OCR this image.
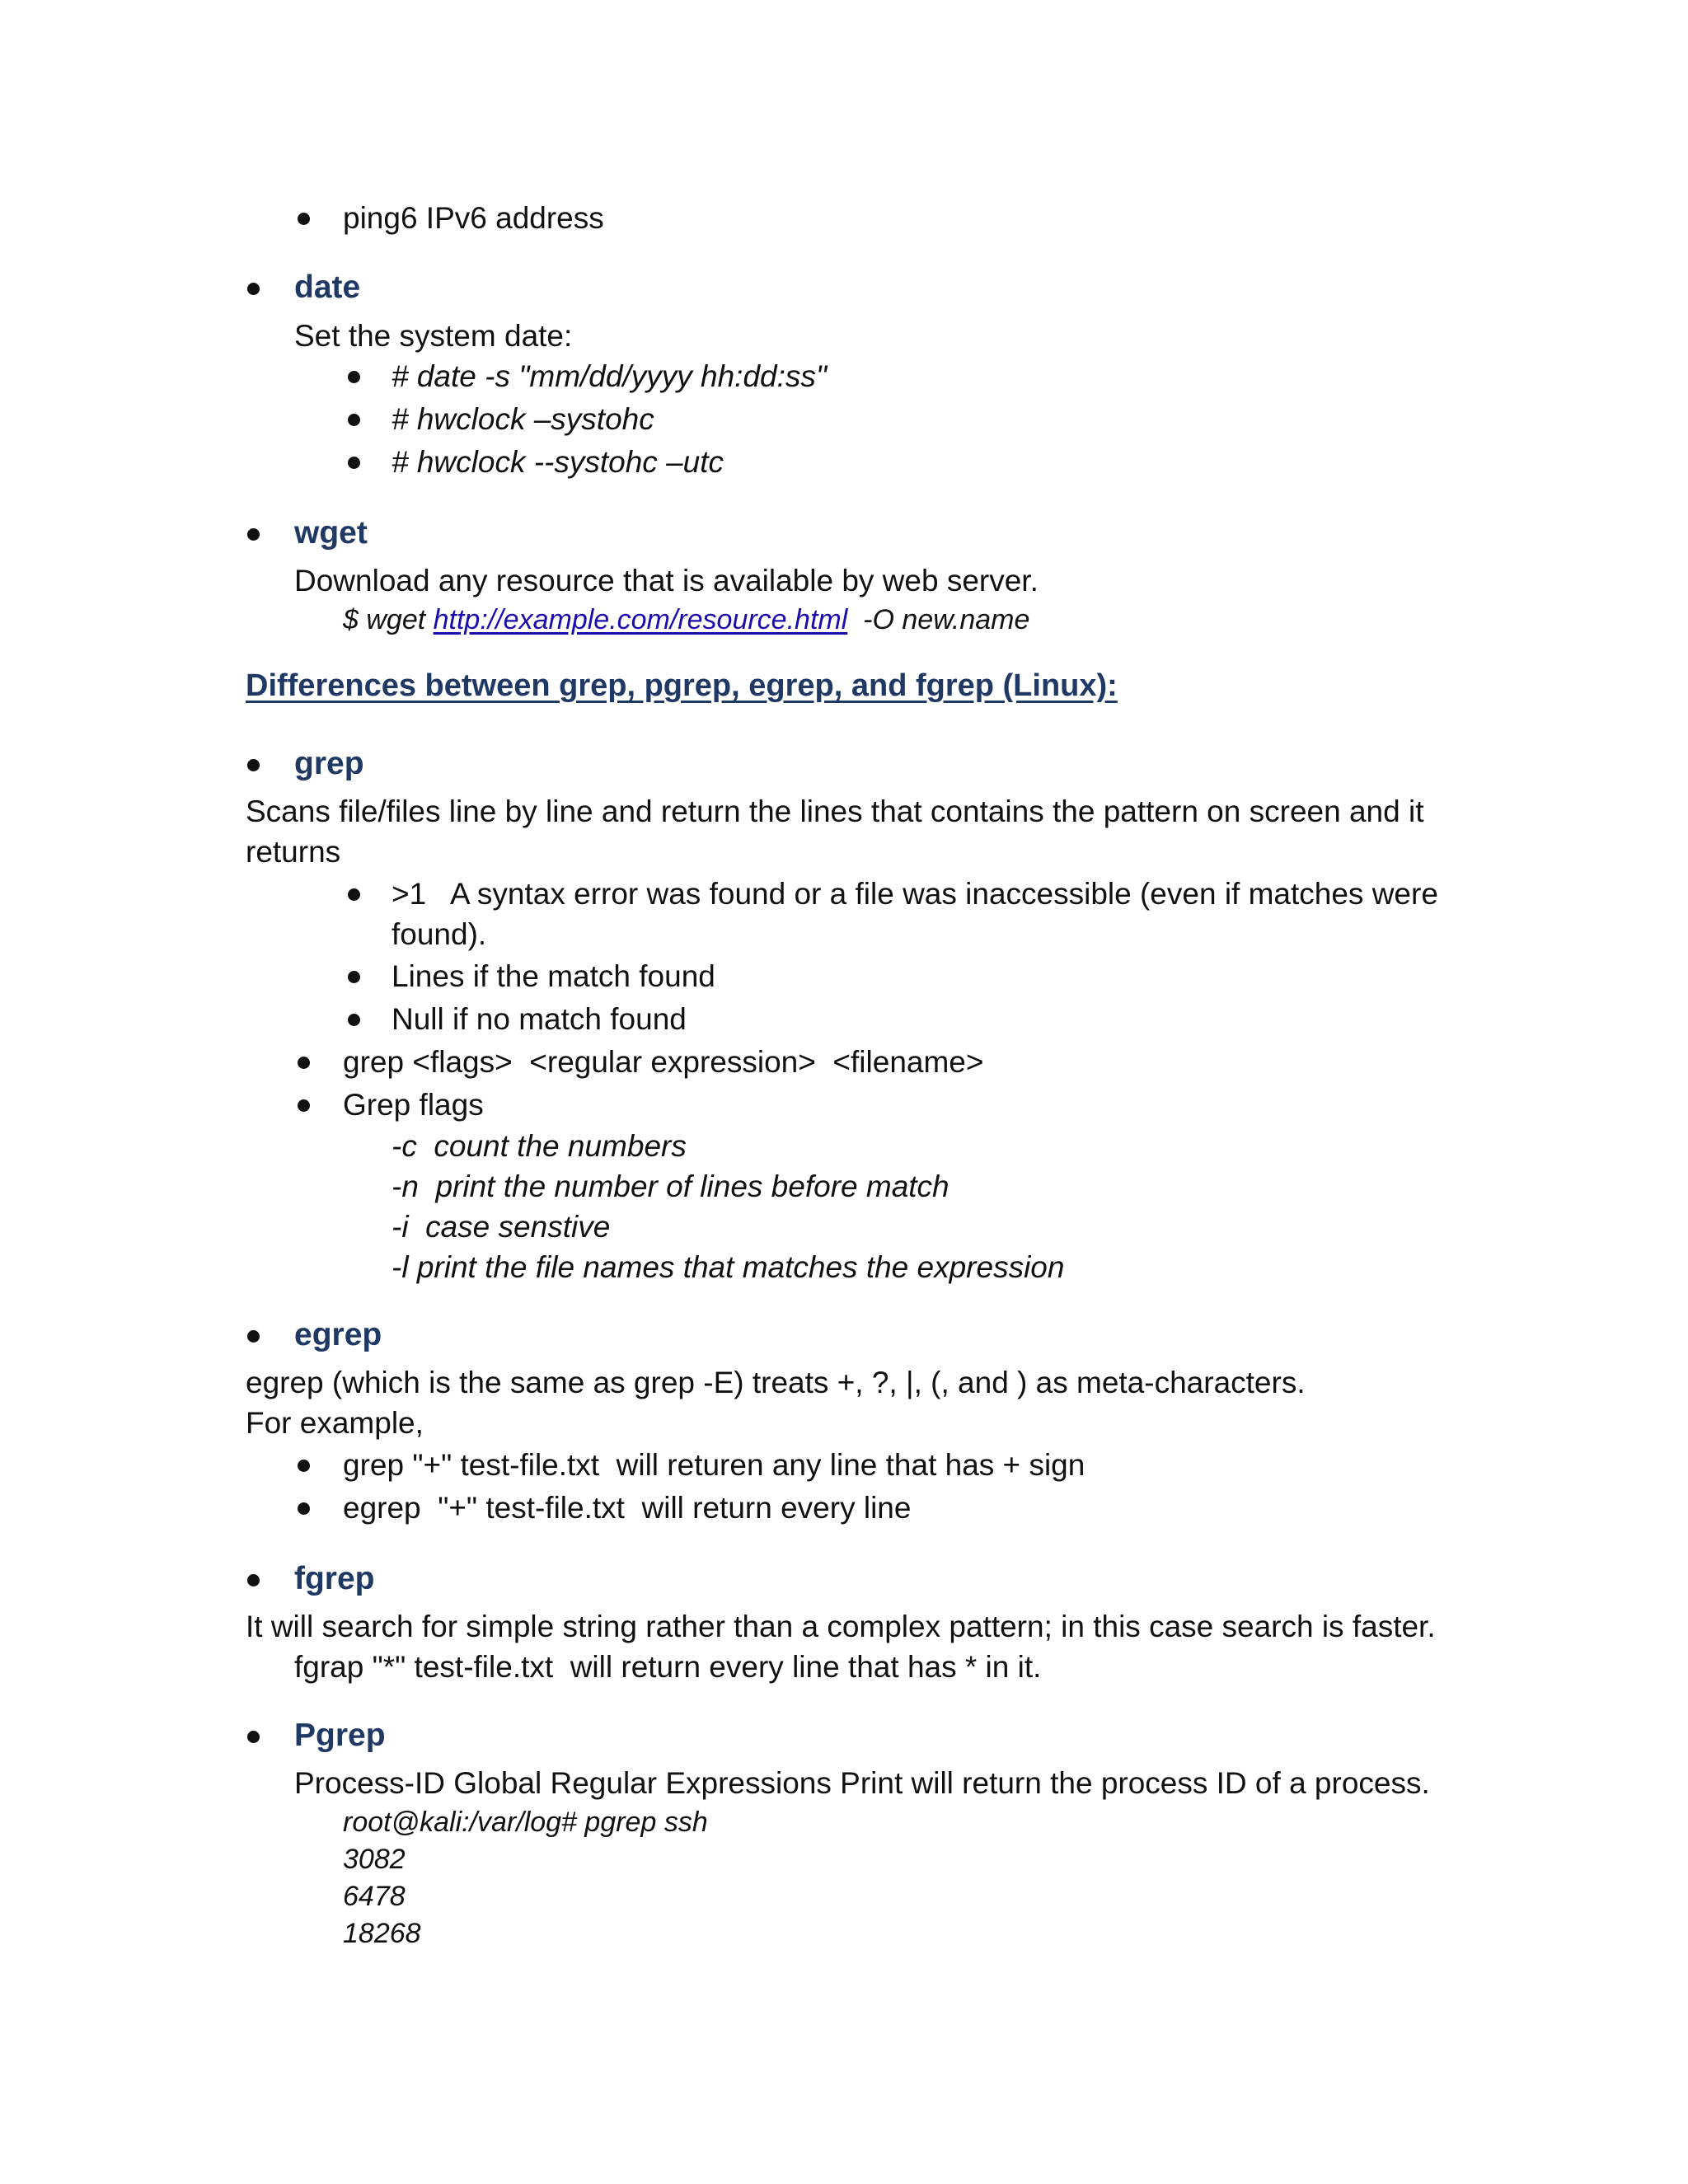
ping6 IPv6 address
date
Set the system date:
# date -s "mm/dd/yyyy hh:dd:ss"
# hwclock –systohc
# hwclock --systohc –utc
wget
Download any resource that is available by web server.
$ wget http://example.com/resource.html  -O new.name
Differences between grep, pgrep, egrep, and fgrep (Linux):
grep
Scans file/files line by line and return the lines that contains the pattern on screen and it
returns
>1   A syntax error was found or a file was inaccessible (even if matches were
found).
Lines if the match found
Null if no match found
grep <flags>  <regular expression>  <filename>
Grep flags
-c  count the numbers
-n  print the number of lines before match
-i  case senstive
-l print the file names that matches the expression
egrep
egrep (which is the same as grep -E) treats +, ?, |, (, and ) as meta-characters.
For example,
grep "+" test-file.txt  will returen any line that has + sign
egrep  "+" test-file.txt  will return every line
fgrep
It will search for simple string rather than a complex pattern; in this case search is faster.
fgrap "*" test-file.txt  will return every line that has * in it.
Pgrep
Process-ID Global Regular Expressions Print will return the process ID of a process.
root@kali:/var/log# pgrep ssh
3082
6478
18268
